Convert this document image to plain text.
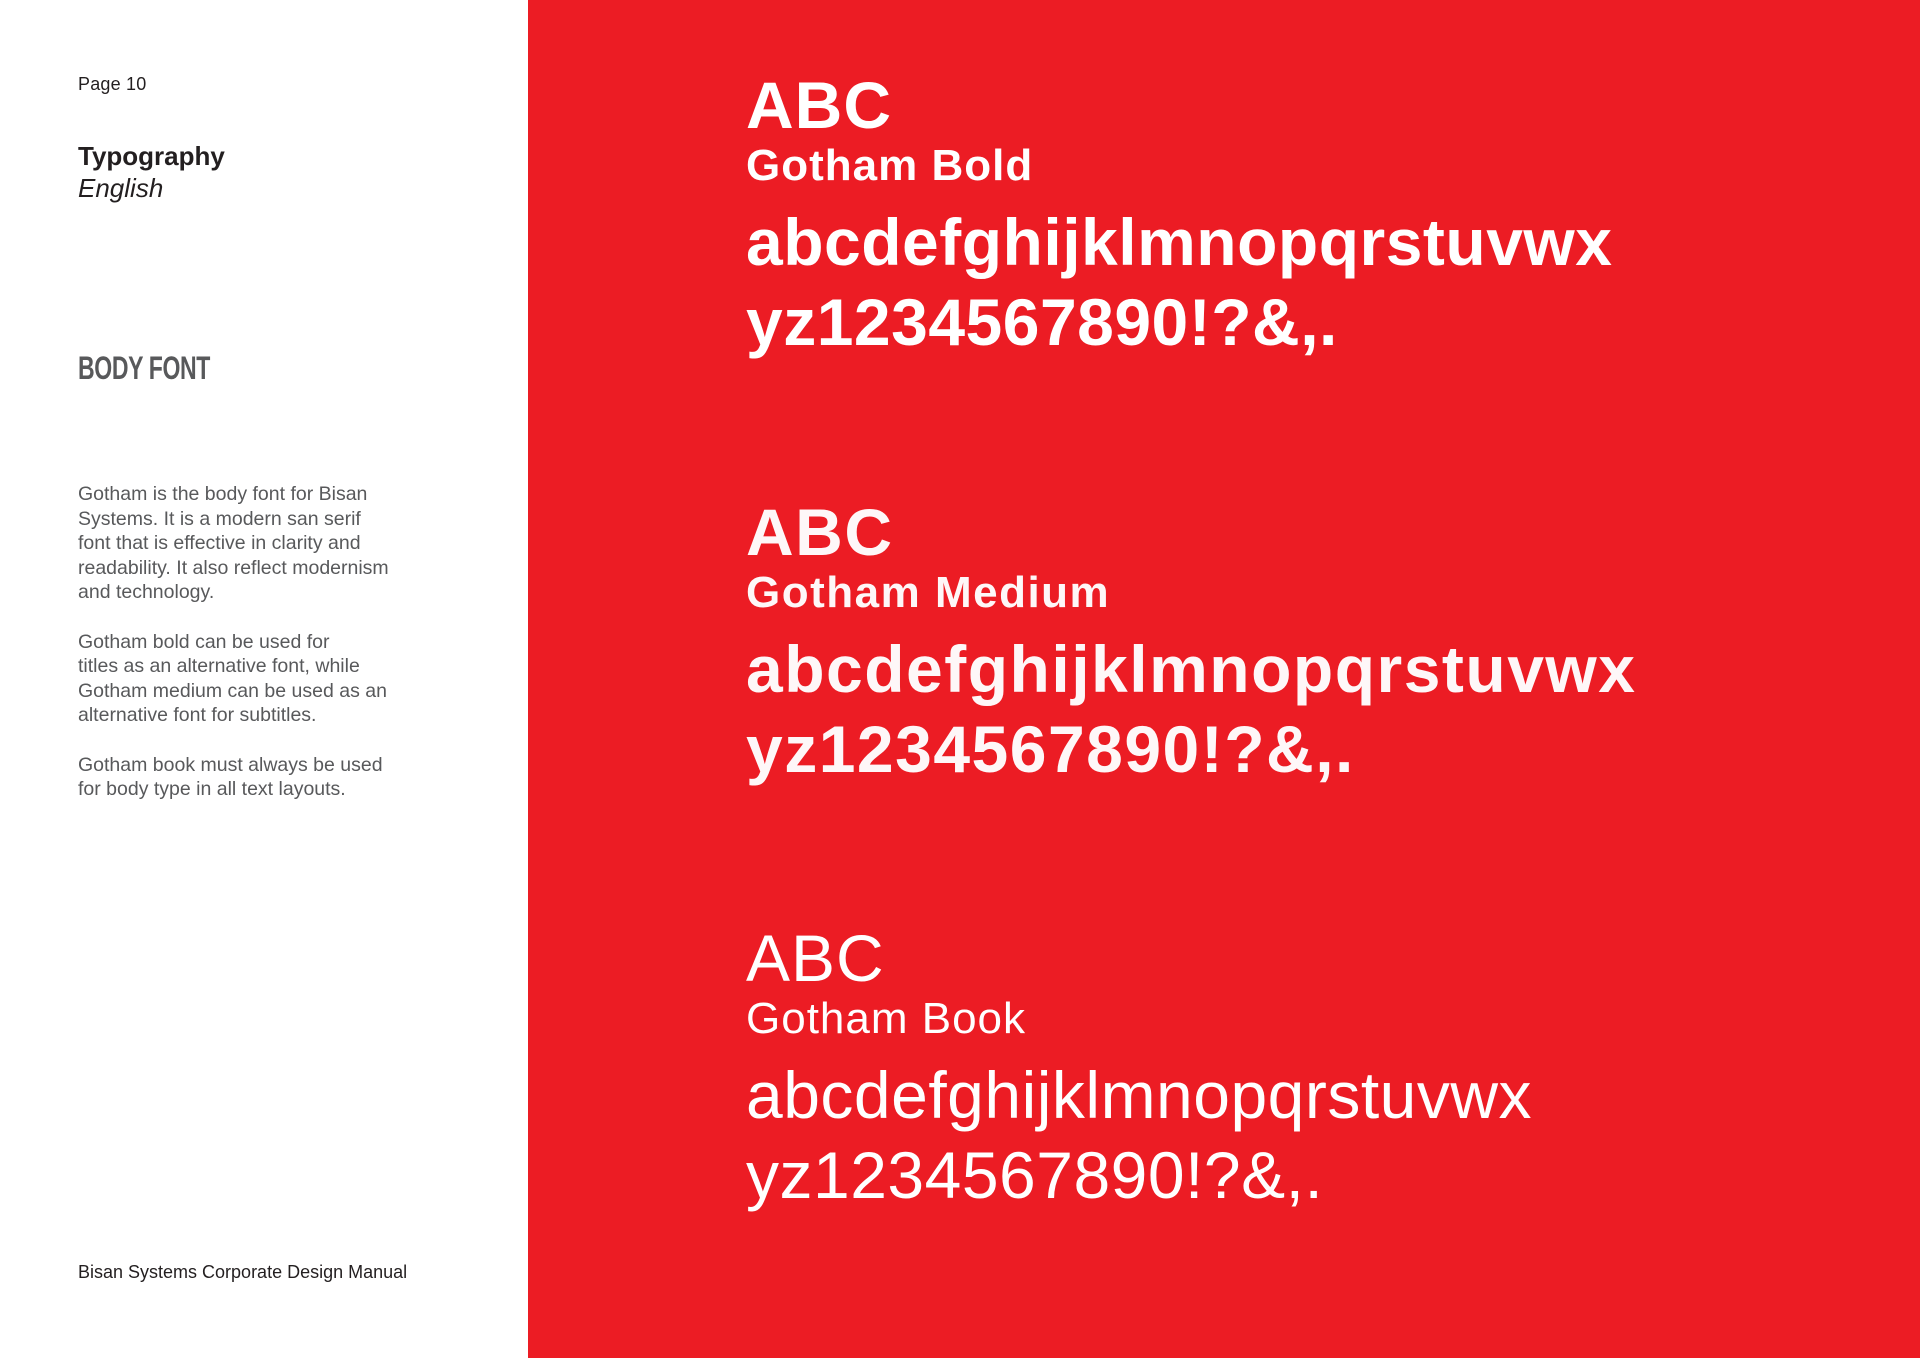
Page 10
Typography
English
BODY FONT

Gotham is the body font for Bisan
Systems. It is a modern san serif
font that is effective in clarity and
readability. It also reflect modernism
and technology.

Gotham bold can be used for
titles as an alternative font, while
Gotham medium can be used as an
alternative font for subtitles.

Gotham book must always be used
for body type in all text layouts.

Bisan Systems Corporate Design Manual
ABC
Gotham Bold
abcdefghijklmnopqrstuvwx
yz1234567890!?&,.
ABC
Gotham Medium
abcdefghijklmnopqrstuvwx
yz1234567890!?&,.
ABC
Gotham Book
abcdefghijklmnopqrstuvwx
yz1234567890!?&,.
